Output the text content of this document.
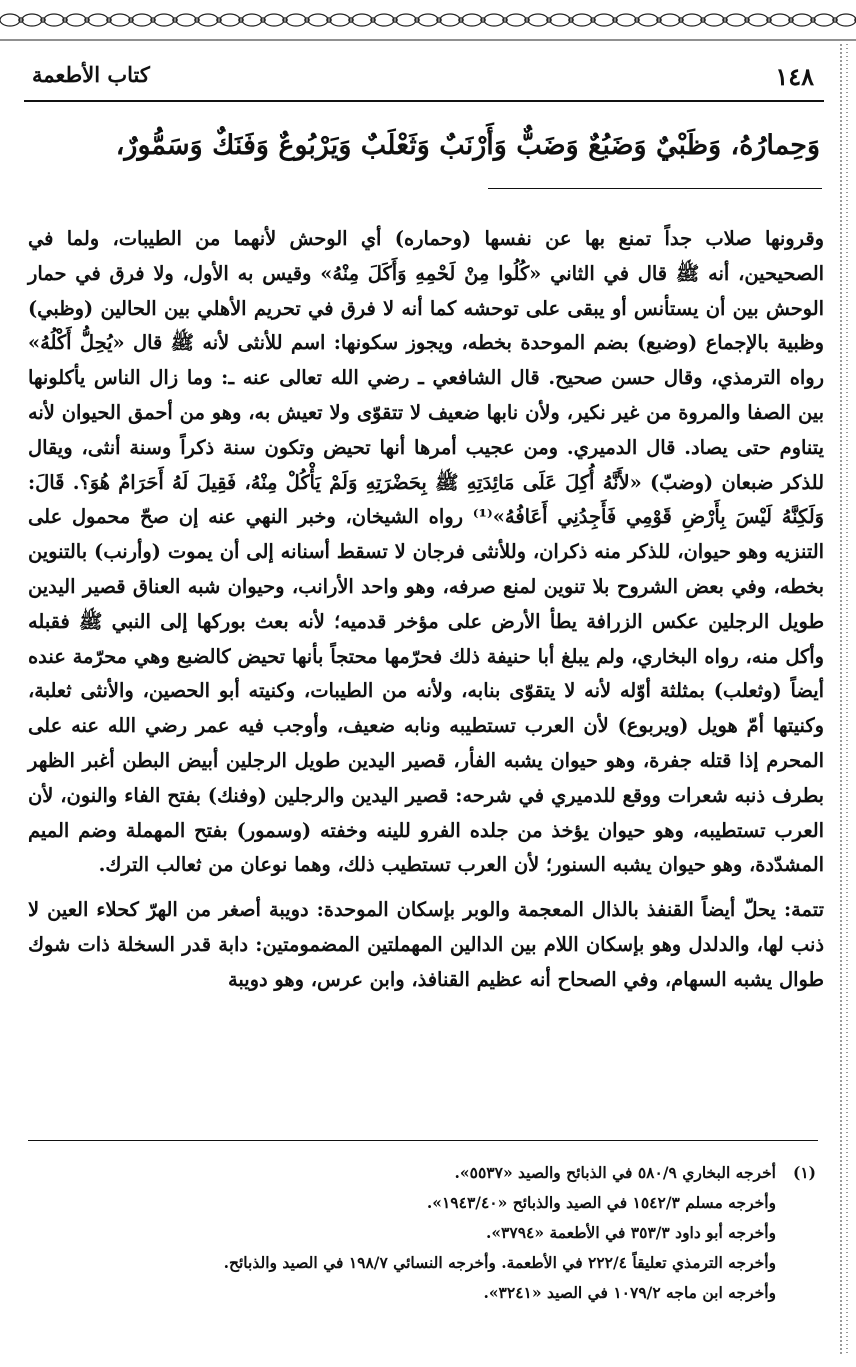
١٤٨
كتاب الأطعمة
وَحِمارُهُ، وَظَبْيٌ وَضَبُعٌ وَضَبٌّ وَأَرْنَبٌ وَثَعْلَبٌ وَيَرْبُوعٌ وَفَنَكٌ وَسَمُّورٌ،

وقرونها صلاب جداً تمنع بها عن نفسها (وحماره) أي الوحش لأنهما من الطيبات، ولما في الصحيحين، أنه ﷺ قال في الثاني «كُلُوا مِنْ لَحْمِهِ وَأَكَلَ مِنْهُ» وقيس به الأول، ولا فرق في حمار الوحش بين أن يستأنس أو يبقى على توحشه كما أنه لا فرق في تحريم الأهلي بين الحالين (وظبي) وظبية بالإجماع (وضبع) بضم الموحدة بخطه، ويجوز سكونها: اسم للأنثى لأنه ﷺ قال «يُحِلُّ أَكْلُهُ» رواه الترمذي، وقال حسن صحيح. قال الشافعي ـ رضي الله تعالى عنه ـ: وما زال الناس يأكلونها بين الصفا والمروة من غير نكير، ولأن نابها ضعيف لا تتقوّى ولا تعيش به، وهو من أحمق الحيوان لأنه يتناوم حتى يصاد. قال الدميري. ومن عجيب أمرها أنها تحيض وتكون سنة ذكراً وسنة أنثى، ويقال للذكر ضبعان (وضبّ) «لأَنَّهُ أُكِلَ عَلَى مَائِدَتِهِ ﷺ بِحَضْرَتِهِ وَلَمْ يَأْكُلْ مِنْهُ، فَقِيلَ لَهُ أَحَرَامٌ هُوَ؟. قَالَ: وَلَكِنَّهُ لَيْسَ بِأَرْضِ قَوْمِي فَأَجِدُنِي أَعَافُهُ»⁽¹⁾ رواه الشيخان، وخبر النهي عنه إن صحّ محمول على التنزيه وهو حيوان، للذكر منه ذكران، وللأنثى فرجان لا تسقط أسنانه إلى أن يموت (وأرنب) بالتنوين بخطه، وفي بعض الشروح بلا تنوين لمنع صرفه، وهو واحد الأرانب، وحيوان شبه العناق قصير اليدين طويل الرجلين عكس الزرافة يطأ الأرض على مؤخر قدميه؛ لأنه بعث بوركها إلى النبي ﷺ فقبله وأكل منه، رواه البخاري، ولم يبلغ أبا حنيفة ذلك فحرّمها محتجاً بأنها تحيض كالضبع وهي محرّمة عنده أيضاً (وثعلب) بمثلثة أوّله لأنه لا يتقوّى بنابه، ولأنه من الطيبات، وكنيته أبو الحصين، والأنثى ثعلبة، وكنيتها أمّ هويل (ويربوع) لأن العرب تستطيبه ونابه ضعيف، وأوجب فيه عمر رضي الله عنه على المحرم إذا قتله جفرة، وهو حيوان يشبه الفأر، قصير اليدين طويل الرجلين أبيض البطن أغبر الظهر بطرف ذنبه شعرات ووقع للدميري في شرحه: قصير اليدين والرجلين (وفنك) بفتح الفاء والنون، لأن العرب تستطيبه، وهو حيوان يؤخذ من جلده الفرو للينه وخفته (وسمور) بفتح المهملة وضم الميم المشدّدة، وهو حيوان يشبه السنور؛ لأن العرب تستطيب ذلك، وهما نوعان من ثعالب الترك.

تتمة: يحلّ أيضاً القنفذ بالذال المعجمة والوبر بإسكان الموحدة: دويبة أصغر من الهرّ كحلاء العين لا ذنب لها، والدلدل وهو بإسكان اللام بين الدالين المهملتين المضمومتين: دابة قدر السخلة ذات شوك طوال يشبه السهام، وفي الصحاح أنه عظيم القنافذ، وابن عرس، وهو دويبة

(١)
أخرجه البخاري ٥٨٠/٩ في الذبائح والصيد «٥٥٣٧».
وأخرجه مسلم ١٥٤٢/٣ في الصيد والذبائح «١٩٤٣/٤٠».
وأخرجه أبو داود ٣٥٣/٣ في الأطعمة «٣٧٩٤».
وأخرجه الترمذي تعليقاً ٢٢٢/٤ في الأطعمة. وأخرجه النسائي ١٩٨/٧ في الصيد والذبائح.
وأخرجه ابن ماجه ١٠٧٩/٢ في الصيد «٣٢٤١».
